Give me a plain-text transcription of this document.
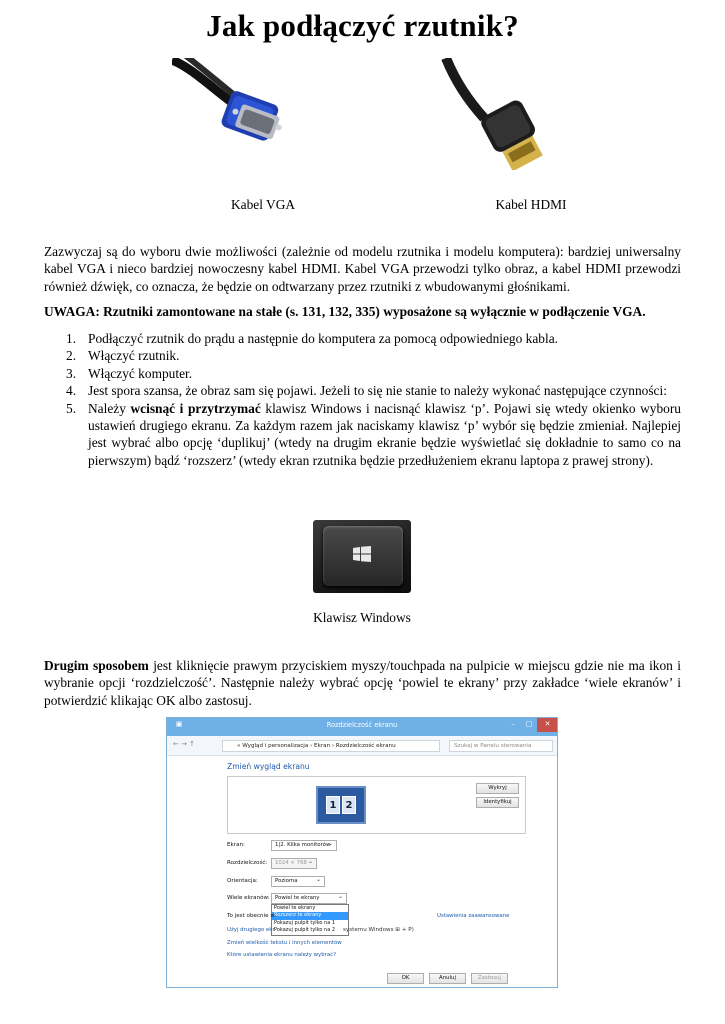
Jak podłączyć rzutnik?
Kabel VGA	Kabel HDMI

Zazwyczaj są do wyboru dwie możliwości (zależnie od modelu rzutnika i modelu komputera): bardziej uniwersalny kabel VGA i nieco bardziej nowoczesny kabel HDMI. Kabel VGA przewodzi tylko obraz, a kabel HDMI przewodzi również dźwięk, co oznacza, że będzie on odtwarzany przez rzutniki z wbudowanymi głośnikami.

UWAGA: Rzutniki zamontowane na stałe (s. 131, 132, 335) wyposażone są wyłącznie w podłączenie VGA.

1. Podłączyć rzutnik do prądu a następnie do komputera za pomocą odpowiedniego kabla.
2. Włączyć rzutnik.
3. Włączyć komputer.
4. Jest spora szansa, że obraz sam się pojawi. Jeżeli to się nie stanie to należy wykonać następujące czynności:
5. Należy wcisnąć i przytrzymać klawisz Windows i nacisnąć klawisz ‘p’. Pojawi się wtedy okienko wyboru ustawień drugiego ekranu. Za każdym razem jak naciskamy klawisz ‘p’ wybór się będzie zmieniał. Najlepiej jest wybrać albo opcję ‘duplikuj’ (wtedy na drugim ekranie będzie wyświetlać się dokładnie to samo co na pierwszym) bądź ‘rozszerz’ (wtedy ekran rzutnika będzie przedłużeniem ekranu laptopa z prawej strony).
Klawisz Windows

Drugim sposobem jest kliknięcie prawym przyciskiem myszy/touchpada na pulpicie w miejscu gdzie nie ma ikon i wybranie opcji ‘rozdzielczość’. Następnie należy wybrać opcję ‘powiel te ekrany’ przy zakładce ‘wiele ekranów’ i potwierdzić klikając OK albo zastosuj.

Rozdzielczość ekranu
▣	–	□	✕
← → ↑	« Wygląd i personalizacja › Ekran › Rozdzielczość ekranu	Szukaj w Panelu sterowania
Zmień wygląd ekranu
1 2
Wykryj
Identyfikuj
Ekran:	1|2. Kilka monitorów ⌄
Rozdzielczość:	1024 × 768 ⌄
Orientacja:	Pozioma ⌄
Wiele ekranów: Powiel te ekrany ⌄
Powiel te ekrany
Rozszerz te ekrany
Pokazuj pulpit tylko na 1
Pokazuj pulpit tylko na 2
To jest obecnie w	Ustawienia zaawansowane
Użyj drugiego ekr	systemu Windows ⊞ + P)
Zmień wielkość tekstu i innych elementów
Które ustawienia ekranu należy wybrać?
OK	Anuluj	Zastosuj
